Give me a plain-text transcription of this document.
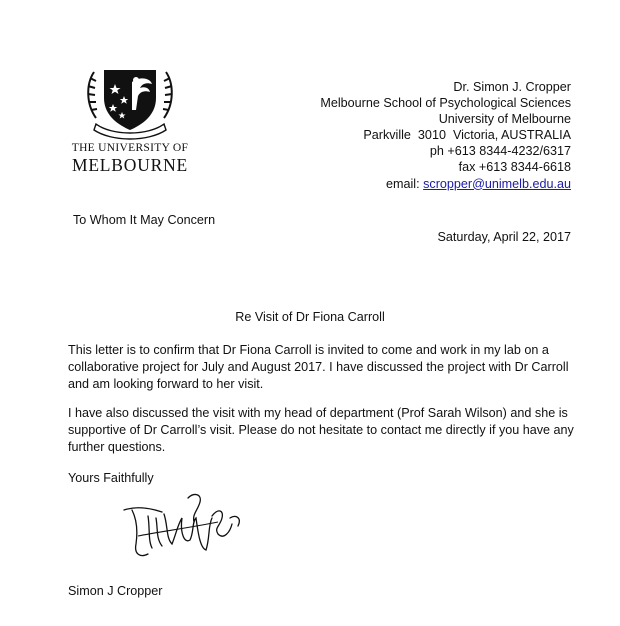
THE UNIVERSITY OF
MELBOURNE
Dr. Simon J. Cropper
Melbourne School of Psychological Sciences
University of Melbourne
Parkville  3010  Victoria, AUSTRALIA
ph +613 8344-4232/6317
fax +613 8344-6618
email: scropper@unimelb.edu.au
To Whom It May Concern
Saturday, April 22, 2017
Re Visit of Dr Fiona Carroll
This letter is to confirm that Dr Fiona Carroll is invited to come and work in my lab on a
collaborative project for July and August 2017. I have discussed the project with Dr Carroll
and am looking forward to her visit.
I have also discussed the visit with my head of department (Prof Sarah Wilson) and she is
supportive of Dr Carroll’s visit. Please do not hesitate to contact me directly if you have any
further questions.
Yours Faithfully
Simon J Cropper
